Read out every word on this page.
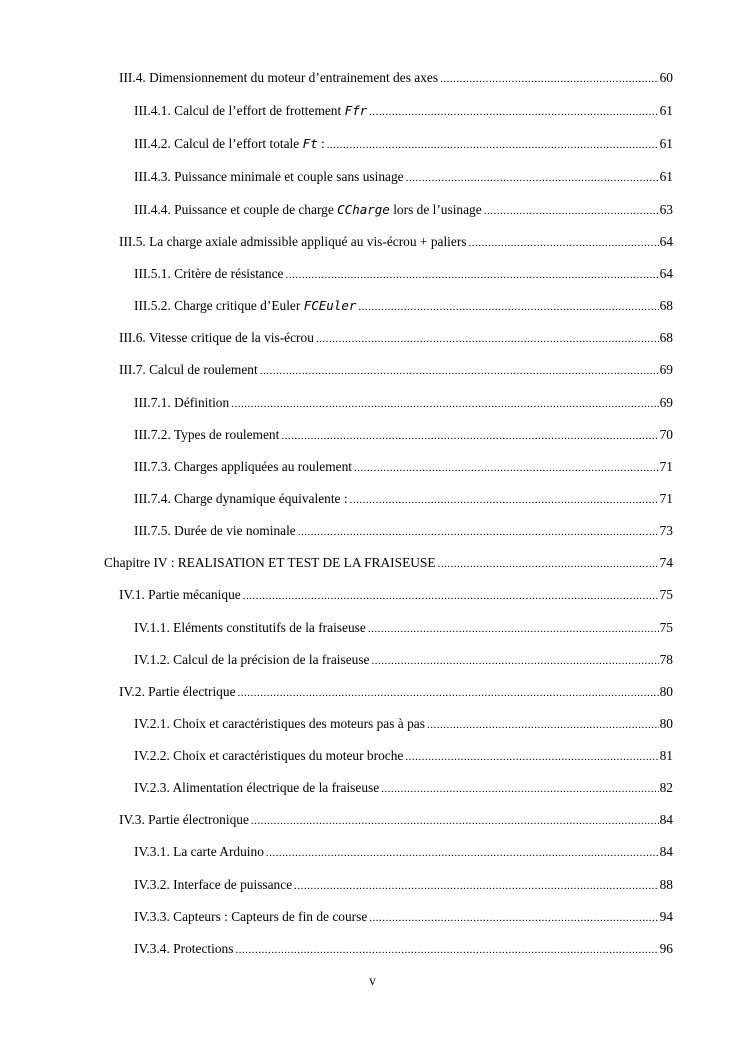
III.4. Dimensionnement du moteur d’entrainement des axes .....	60
III.4.1. Calcul de l’effort de frottement Ffr .....	61
III.4.2. Calcul de l’effort totale Ft : .....	61
III.4.3. Puissance minimale et couple sans usinage .....	61
III.4.4. Puissance et couple de charge CCharge lors de l’usinage .....	63
III.5. La charge axiale admissible appliqué au vis-écrou + paliers .....	64
III.5.1. Critère de résistance .....	64
III.5.2. Charge critique d’Euler FCEuler .....	68
III.6. Vitesse critique de la vis-écrou .....	68
III.7. Calcul de roulement .....	69
III.7.1. Définition .....	69
III.7.2. Types de roulement .....	70
III.7.3. Charges appliquées au roulement .....	71
III.7.4. Charge dynamique équivalente : .....	71
III.7.5. Durée de vie nominale .....	73
Chapitre IV : REALISATION ET TEST DE LA FRAISEUSE .....	74
IV.1. Partie mécanique .....	75
IV.1.1. Eléments constitutifs de la fraiseuse .....	75
IV.1.2. Calcul de la précision de la fraiseuse .....	78
IV.2. Partie électrique .....	80
IV.2.1. Choix et caractéristiques des moteurs pas à pas .....	80
IV.2.2. Choix et caractéristiques du moteur broche .....	81
IV.2.3. Alimentation électrique de la fraiseuse .....	82
IV.3. Partie électronique .....	84
IV.3.1. La carte Arduino .....	84
IV.3.2. Interface de puissance .....	88
IV.3.3. Capteurs : Capteurs de fin de course .....	94
IV.3.4. Protections .....	96
v
